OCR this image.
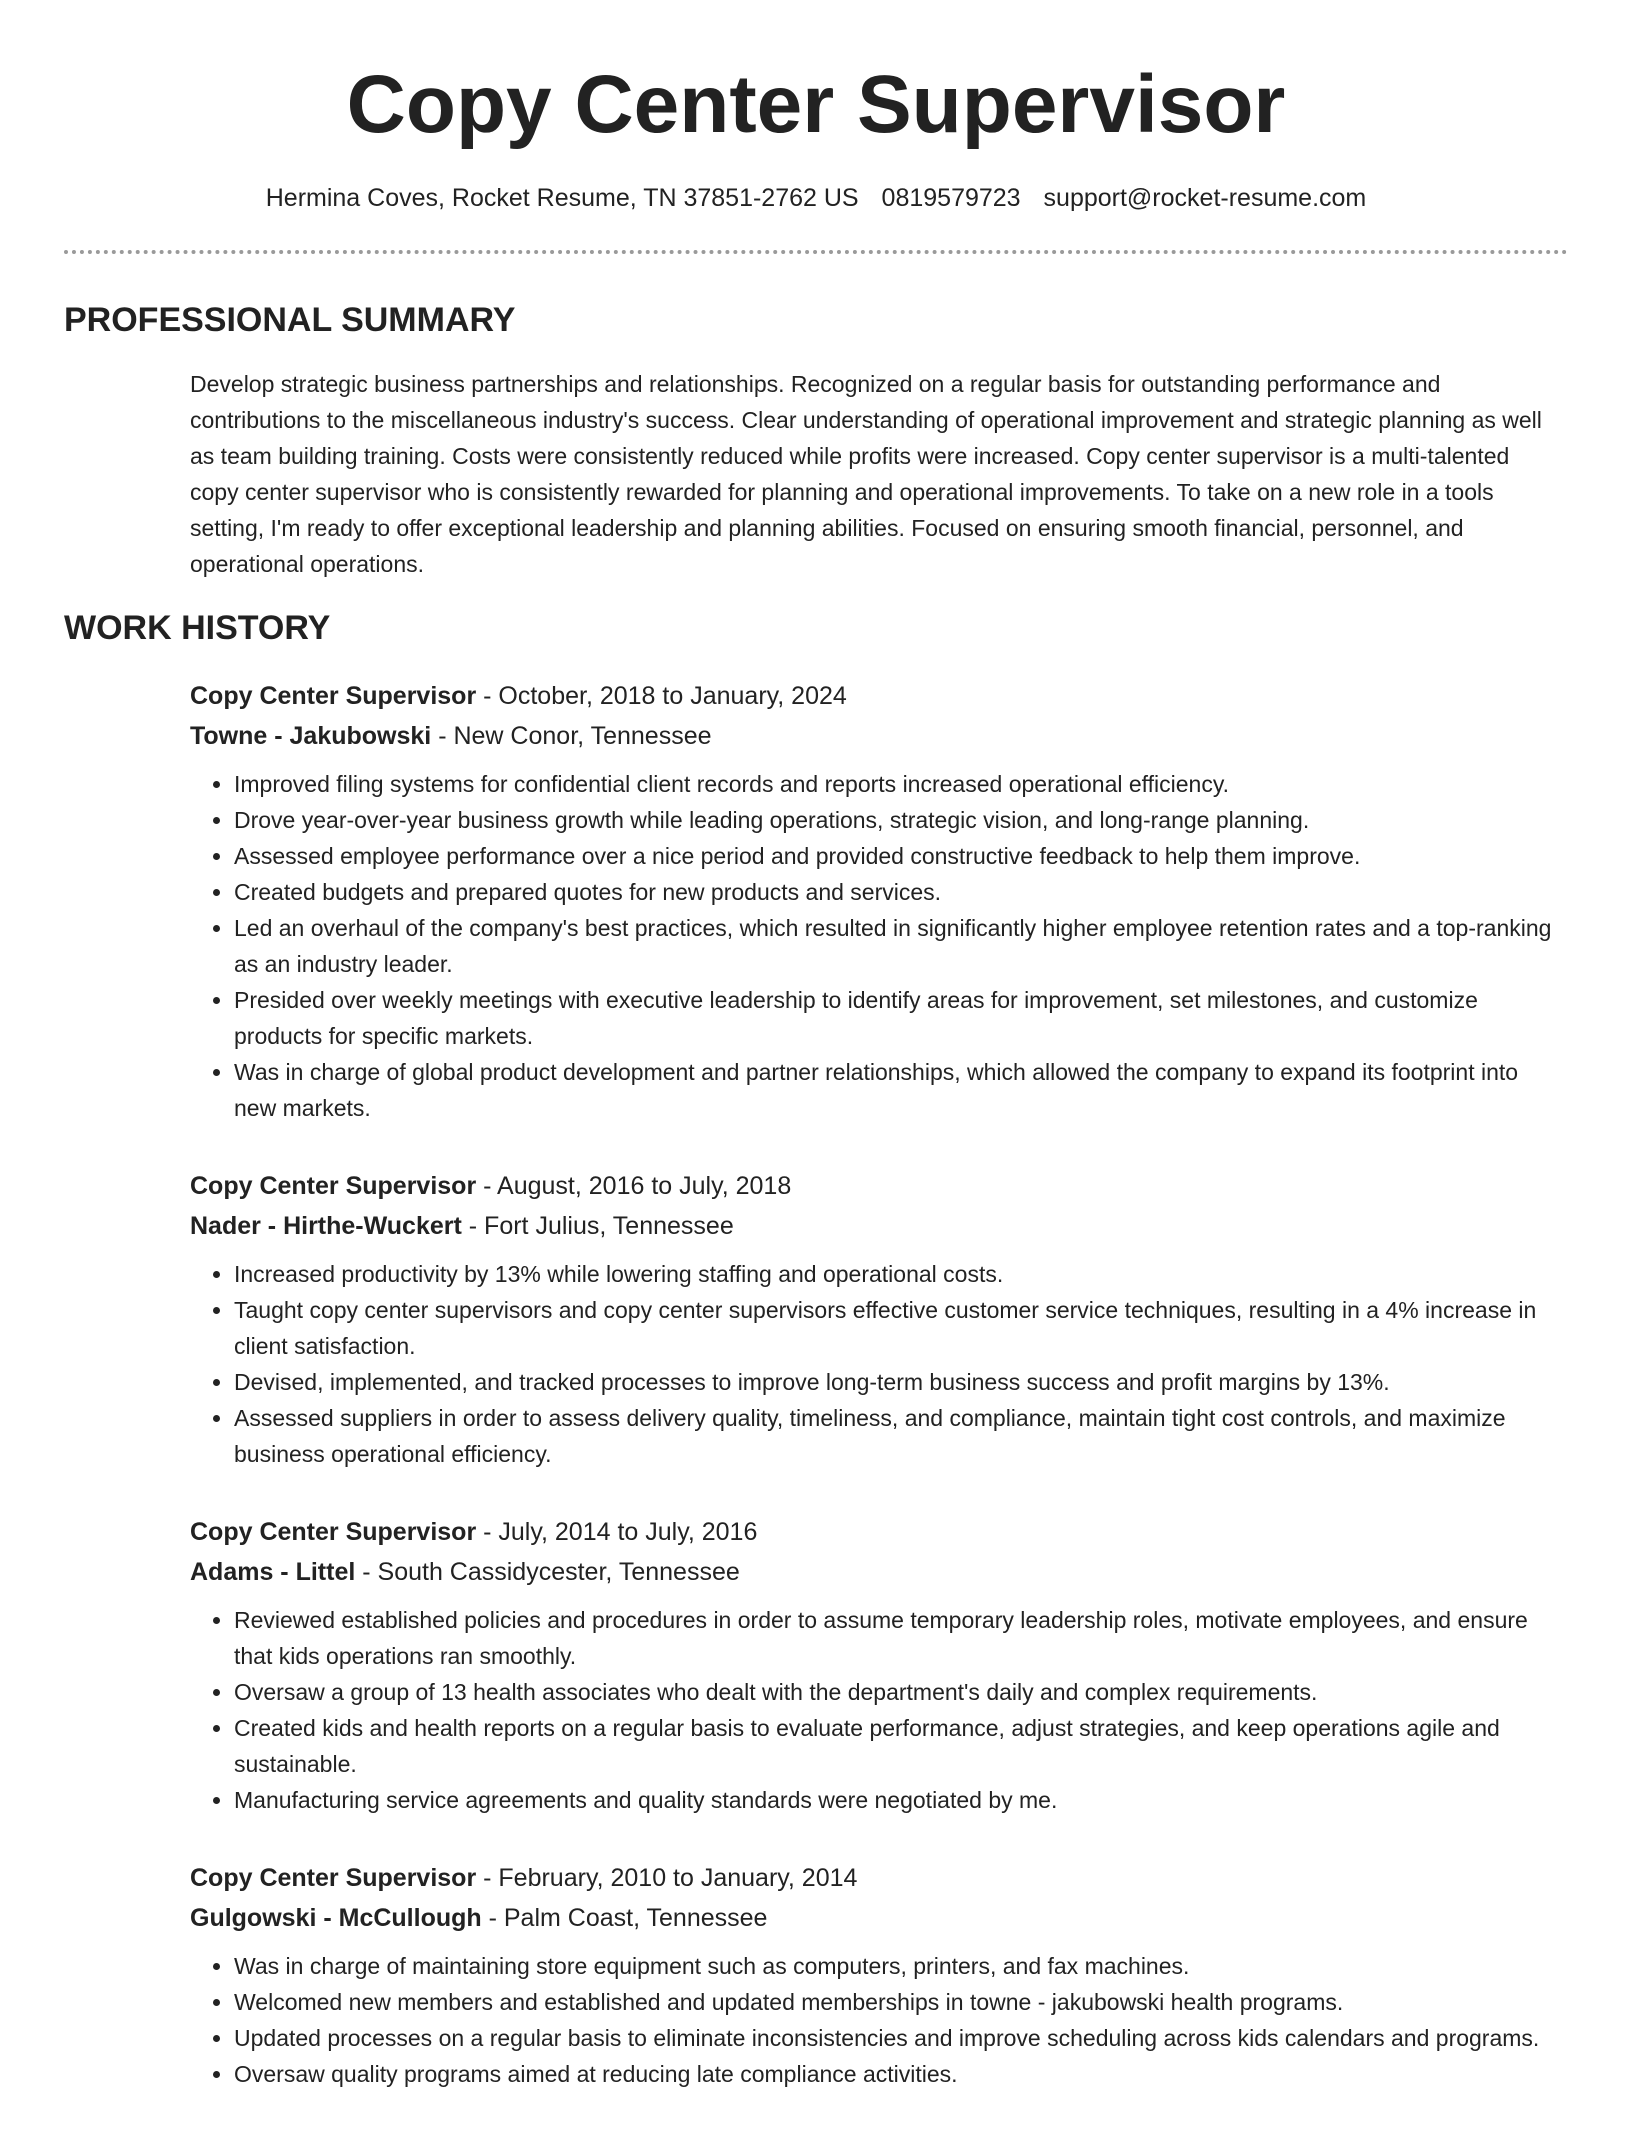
Copy Center Supervisor
Hermina Coves, Rocket Resume, TN 37851-2762 US 0819579723 support@rocket-resume.com
PROFESSIONAL SUMMARY

Develop strategic business partnerships and relationships. Recognized on a regular basis for outstanding performance and contributions to the miscellaneous industry's success. Clear understanding of operational improvement and strategic planning as well as team building training. Costs were consistently reduced while profits were increased. Copy center supervisor is a multi-talented copy center supervisor who is consistently rewarded for planning and operational improvements. To take on a new role in a tools setting, I'm ready to offer exceptional leadership and planning abilities. Focused on ensuring smooth financial, personnel, and operational operations.

WORK HISTORY

Copy Center Supervisor - October, 2018 to January, 2024

Towne - Jakubowski - New Conor, Tennessee

• Improved filing systems for confidential client records and reports increased operational efficiency.
• Drove year-over-year business growth while leading operations, strategic vision, and long-range planning.
• Assessed employee performance over a nice period and provided constructive feedback to help them improve.
• Created budgets and prepared quotes for new products and services.
• Led an overhaul of the company's best practices, which resulted in significantly higher employee retention rates and a top-ranking as an industry leader.
• Presided over weekly meetings with executive leadership to identify areas for improvement, set milestones, and customize products for specific markets.
• Was in charge of global product development and partner relationships, which allowed the company to expand its footprint into new markets.

Copy Center Supervisor - August, 2016 to July, 2018

Nader - Hirthe-Wuckert - Fort Julius, Tennessee

• Increased productivity by 13% while lowering staffing and operational costs.
• Taught copy center supervisors and copy center supervisors effective customer service techniques, resulting in a 4% increase in client satisfaction.
• Devised, implemented, and tracked processes to improve long-term business success and profit margins by 13%.
• Assessed suppliers in order to assess delivery quality, timeliness, and compliance, maintain tight cost controls, and maximize business operational efficiency.

Copy Center Supervisor - July, 2014 to July, 2016

Adams - Littel - South Cassidycester, Tennessee

• Reviewed established policies and procedures in order to assume temporary leadership roles, motivate employees, and ensure that kids operations ran smoothly.
• Oversaw a group of 13 health associates who dealt with the department's daily and complex requirements.
• Created kids and health reports on a regular basis to evaluate performance, adjust strategies, and keep operations agile and sustainable.
• Manufacturing service agreements and quality standards were negotiated by me.

Copy Center Supervisor - February, 2010 to January, 2014

Gulgowski - McCullough - Palm Coast, Tennessee

• Was in charge of maintaining store equipment such as computers, printers, and fax machines.
• Welcomed new members and established and updated memberships in towne - jakubowski health programs.
• Updated processes on a regular basis to eliminate inconsistencies and improve scheduling across kids calendars and programs.
• Oversaw quality programs aimed at reducing late compliance activities.
